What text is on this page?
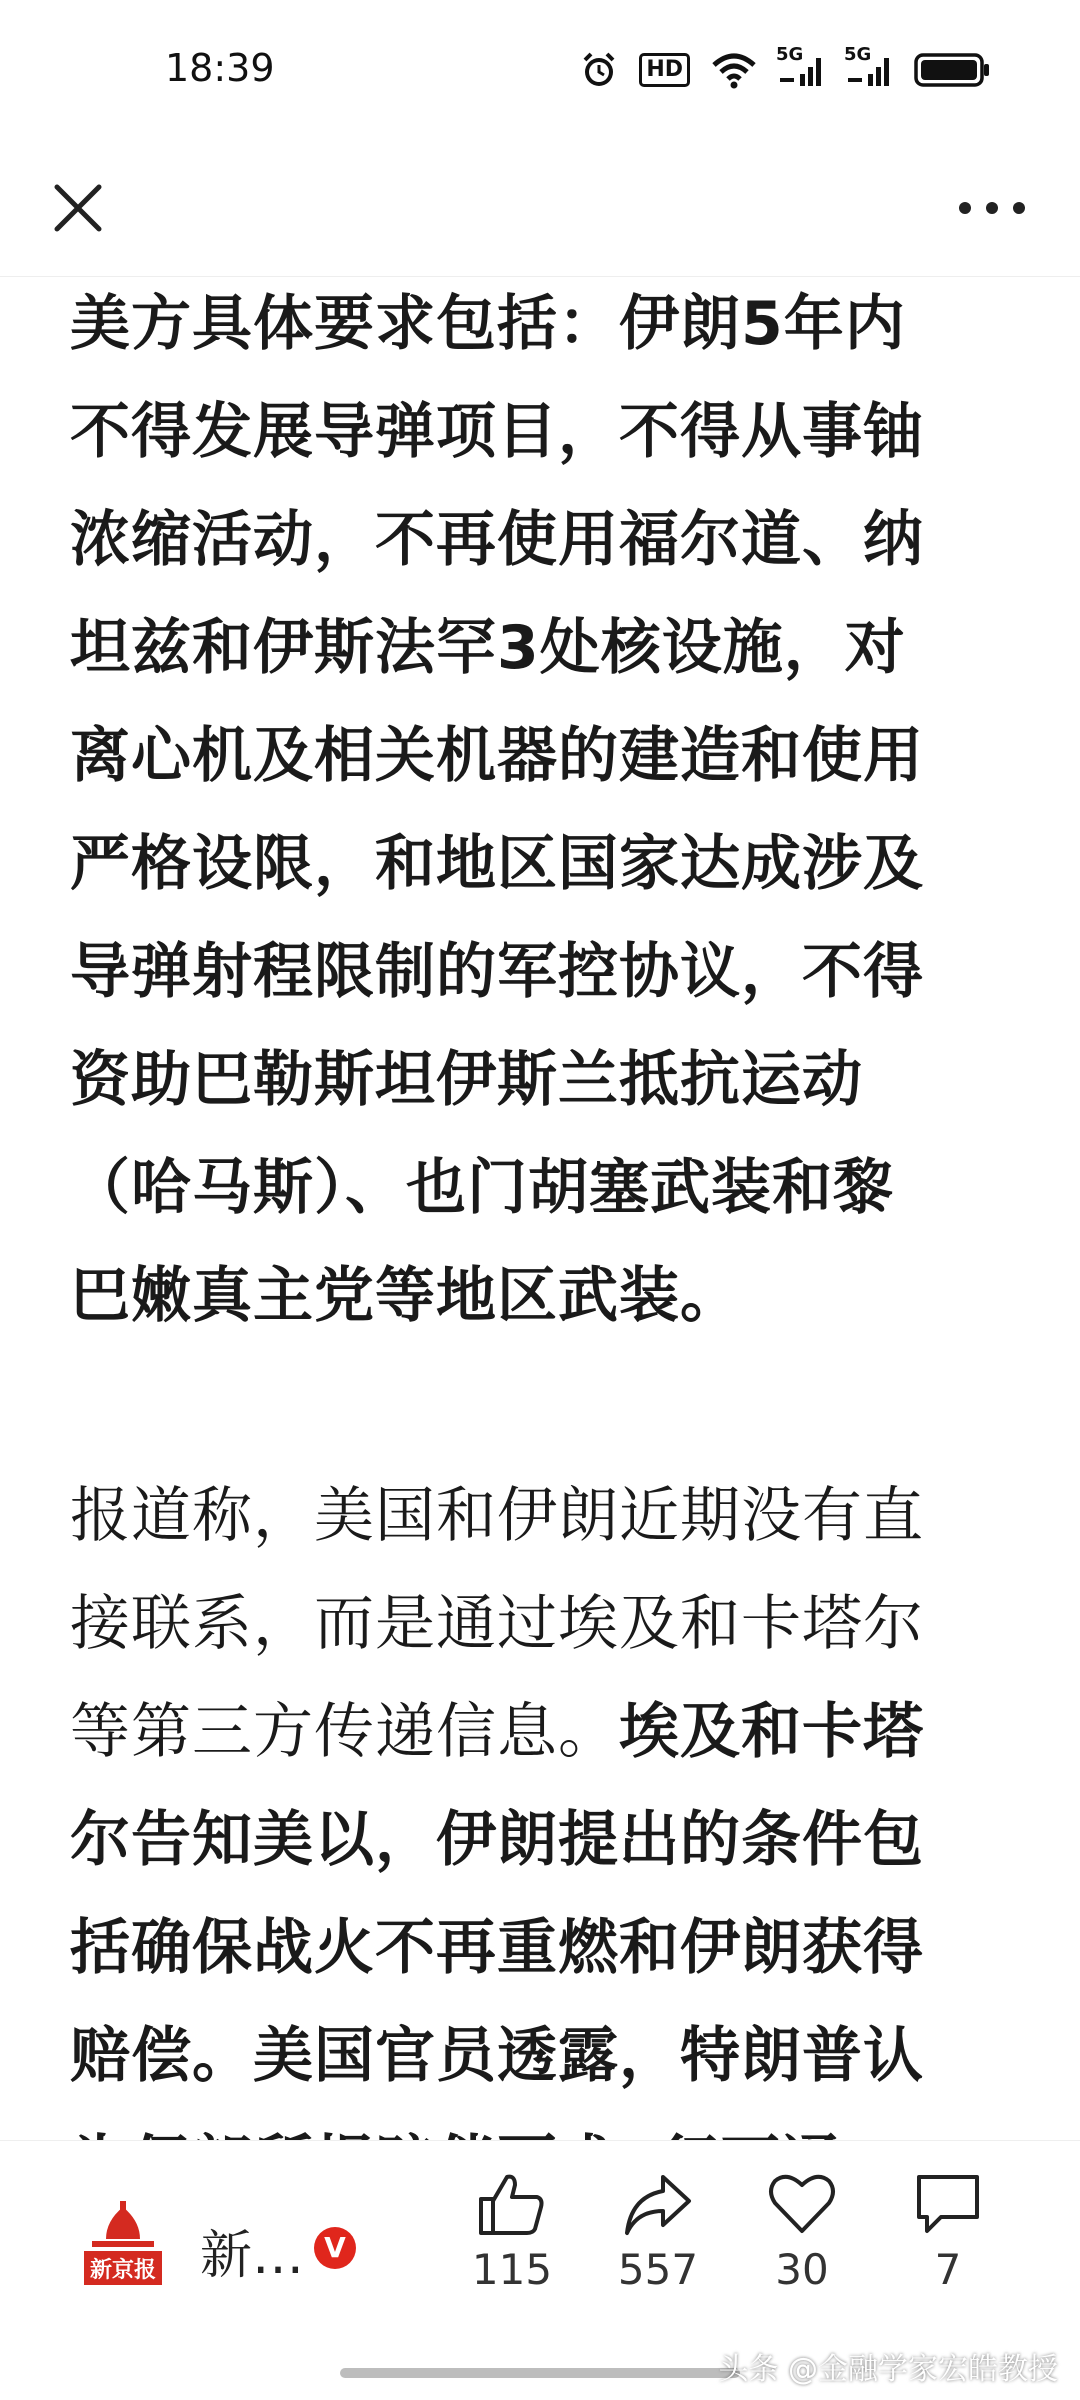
18:39	HD
5G 5G
美方具体要求包括：伊朗5年内
不得发展导弹项目，不得从事铀
浓缩活动，不再使用福尔道、纳
坦兹和伊斯法罕3处核设施，对
离心机及相关机器的建造和使用
严格设限，和地区国家达成涉及
导弹射程限制的军控协议，不得
资助巴勒斯坦伊斯兰抵抗运动
（哈马斯）、也门胡塞武装和黎
巴嫩真主党等地区武装。
报道称，美国和伊朗近期没有直
接联系，而是通过埃及和卡塔尔
等第三方传递信息。埃及和卡塔
尔告知美以，伊朗提出的条件包
括确保战火不再重燃和伊朗获得
赔偿。美国官员透露，特朗普认
新京报 新… V	115 557 30	7
头条 @金融学家宏皓教授
